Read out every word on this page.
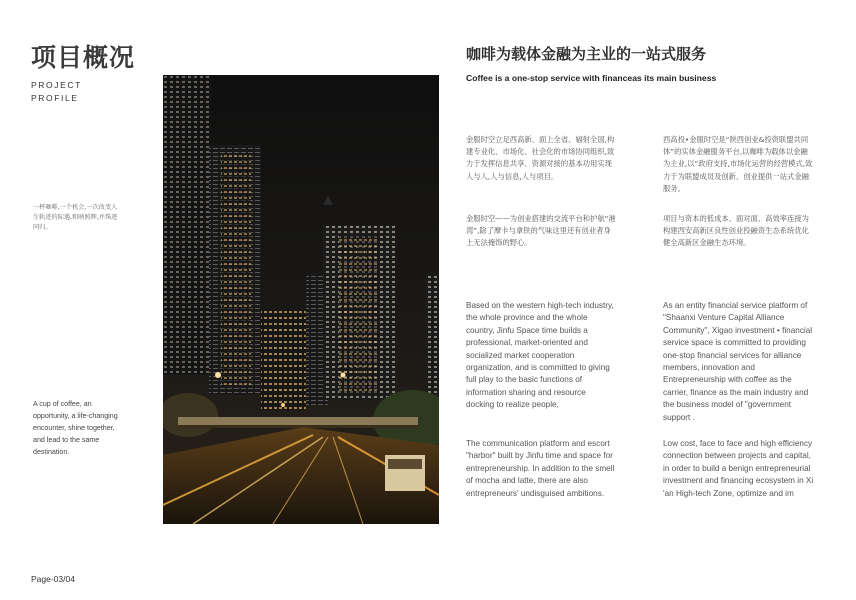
项目概况
PROJECT
PROFILE
一杯咖啡,一个机会,一次改变人生轨迹的际遇,和映照辉,并珠迹同归。
A cup of coffee, an opportunity, a life-changing encounter, shine together, and lead to the same destination.
Page-03/04
咖啡为载体金融为主业的一站式服务
Coffee is a one-stop service with financeas its main business
金服时空立足西高新、面上全省、辐射全国,构建专业化、市场化、社会化的市场协同组织,致力于发挥信息共享、资源对接的基本功用实现人与人,人与信息,人与项目。
金服时空——为创业搭建的交流平台和护航“港湾”,除了摩卡与拿铁的气味这里还有创业者身上无法掩饰的野心。
西高投•金服时空是“陕西创业&投资联盟共同体”的实体金融服务平台,以咖啡为载体以金融为主业,以“政府支持,市场化运营的经营模式,致力于为联盟成员及创新、创业提供一站式金融服务。
项目与资本的低成本、面对面、高效率连接为构建西安高新区良性创业投融资生态系统优化健全高新区金融生态环境。
Based on the western high-tech industry, the whole province and the whole country, Jinfu Space time builds a professional, market-oriented and socialized market cooperation organization, and is committed to giving full play to the basic functions of information sharing and resource docking to realize people,
The communication platform and escort "harbor" built by Jinfu time and space for entrepreneurship. In addition to the smell of mocha and latte, there are also entrepreneurs' undisguised ambitions.
As an entity financial service platform of "Shaanxi Venture Capital Alliance Community", Xigao investment • financial service space is committed to providing one-stop financial services for alliance members, innovation and Entrepreneurship with coffee as the carrier, finance as the main industry and the business model of "government support .
Low cost, face to face and high efficiency connection between projects and capital, in order to build a benign entrepreneurial investment and financing ecosystem in Xi 'an High-tech Zone, optimize and im
